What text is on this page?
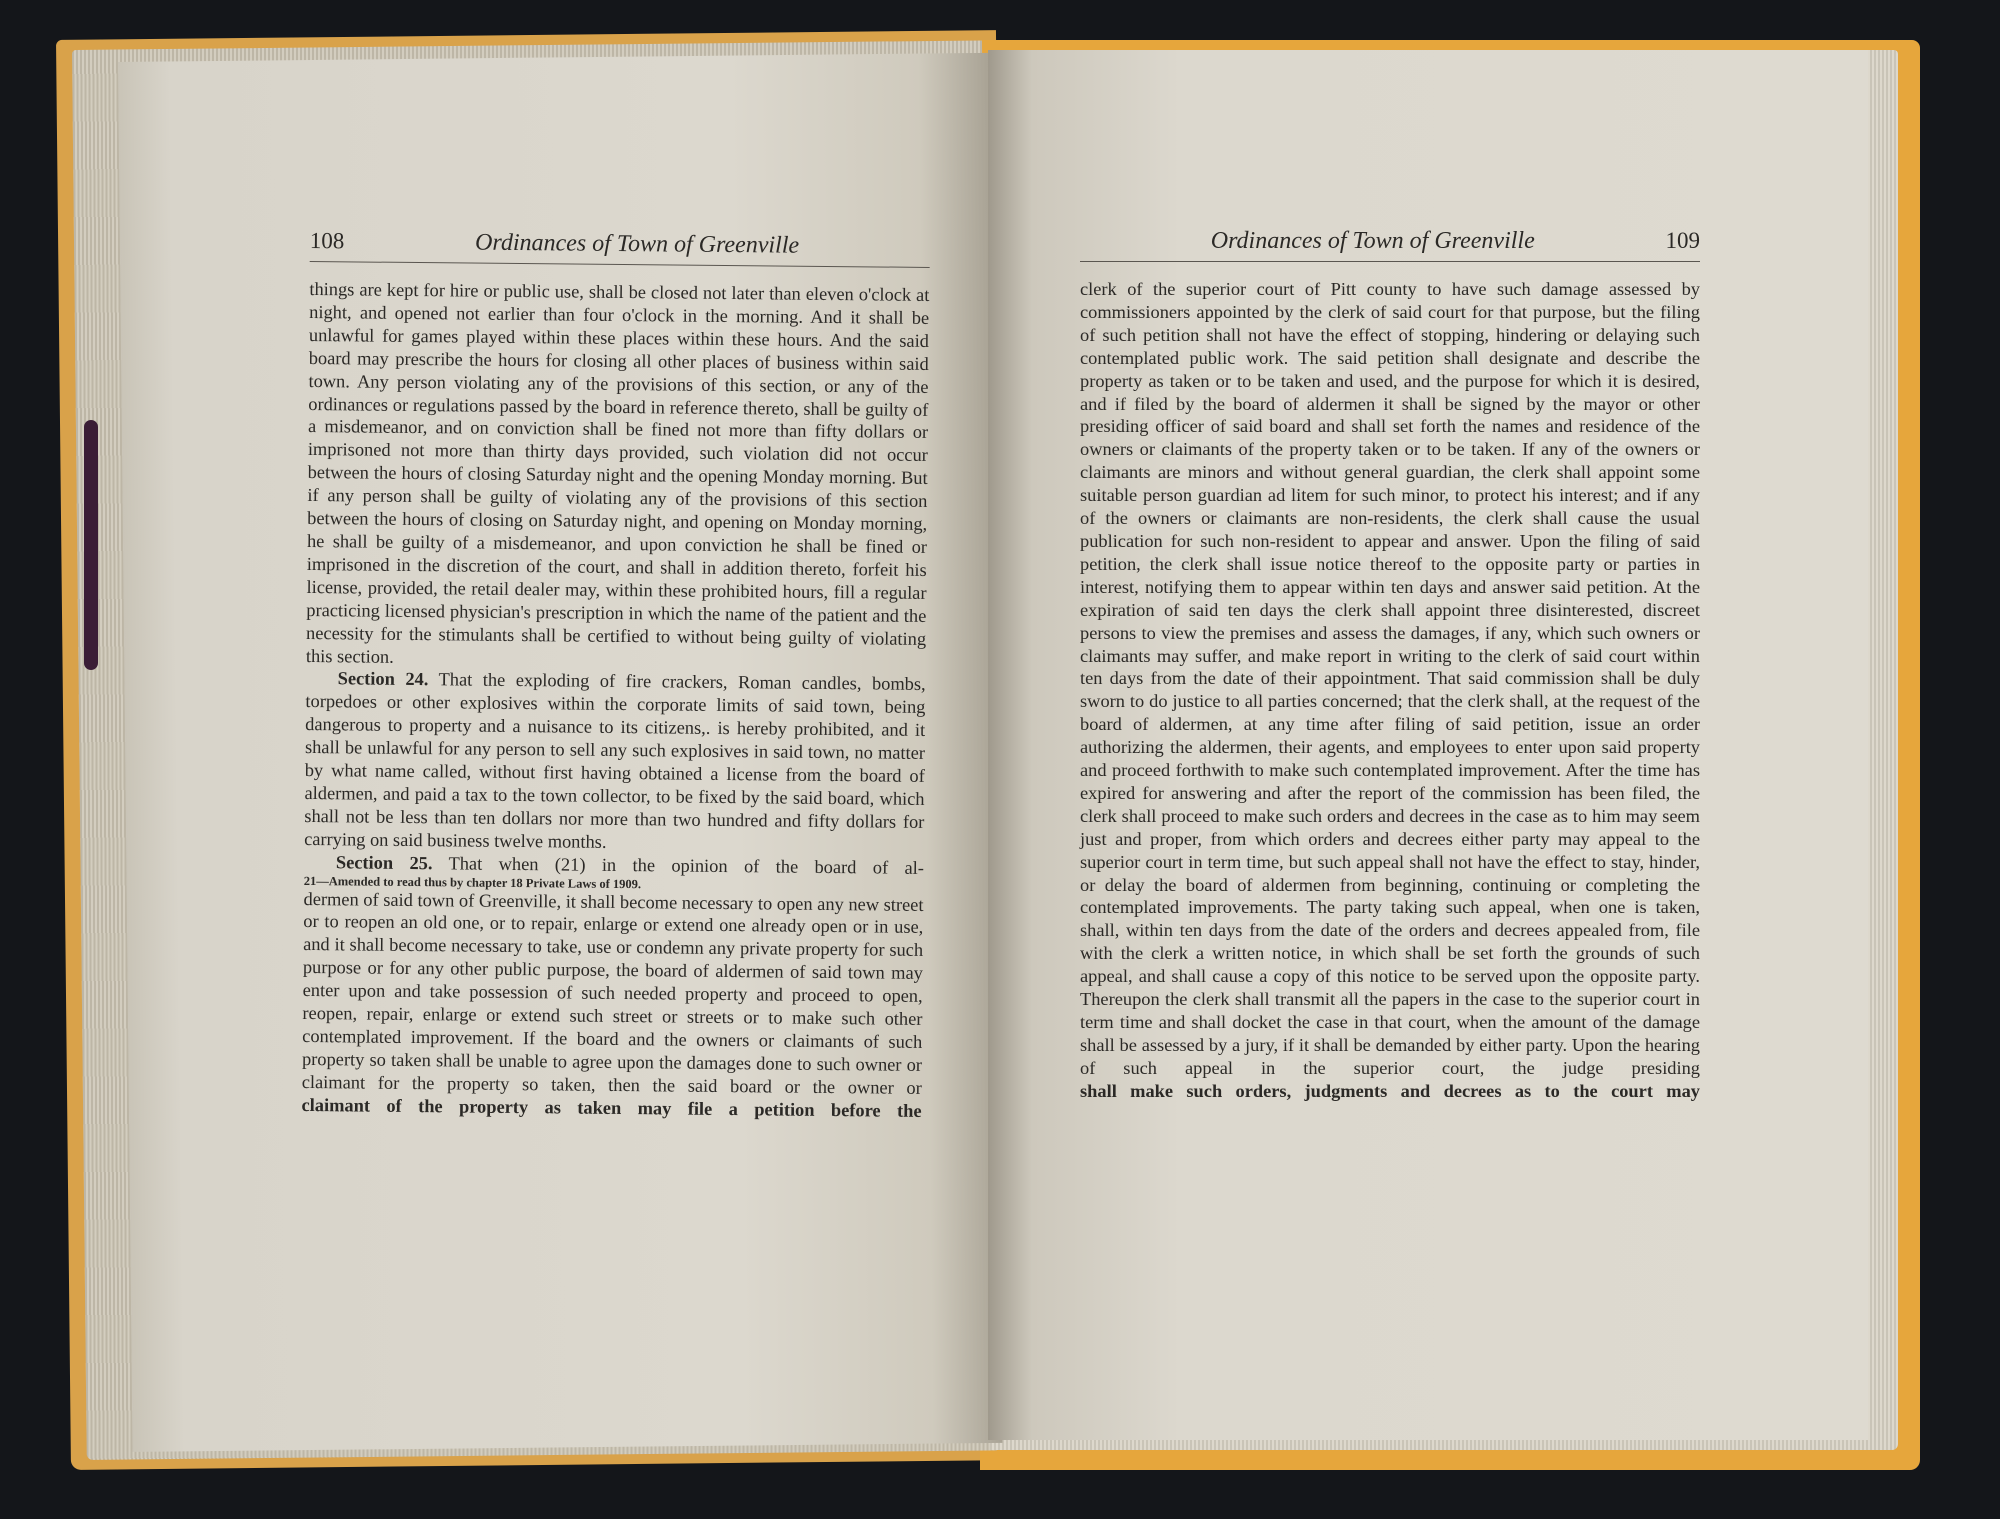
108	Ordinances of Town of Greenville

things are kept for hire or public use, shall be closed not later than eleven o'clock at night, and opened not earlier than four o'clock in the morning. And it shall be unlawful for games played within these places within these hours. And the said board may prescribe the hours for closing all other places of business within said town. Any person violating any of the provisions of this section, or any of the ordinances or regulations passed by the board in reference thereto, shall be guilty of a misdemeanor, and on conviction shall be fined not more than fifty dollars or imprisoned not more than thirty days provided, such violation did not occur between the hours of closing Saturday night and the opening Monday morning. But if any person shall be guilty of violating any of the provisions of this section between the hours of closing on Saturday night, and opening on Monday morning, he shall be guilty of a misdemeanor, and upon conviction he shall be fined or imprisoned in the discretion of the court, and shall in addition thereto, forfeit his license, provided, the retail dealer may, within these prohibited hours, fill a regular practicing licensed physician's prescription in which the name of the patient and the necessity for the stimulants shall be certified to without being guilty of violating this section.

Section 24. That the exploding of fire crackers, Roman candles, bombs, torpedoes or other explosives within the corporate limits of said town, being dangerous to property and a nuisance to its citizens,. is hereby prohibited, and it shall be unlawful for any person to sell any such explosives in said town, no matter by what name called, without first having obtained a license from the board of aldermen, and paid a tax to the town collector, to be fixed by the said board, which shall not be less than ten dollars nor more than two hundred and fifty dollars for carrying on said business twelve months.

Section 25. That when (21) in the opinion of the board of al-

21—Amended to read thus by chapter 18 Private Laws of 1909.

dermen of said town of Greenville, it shall become necessary to open any new street or to reopen an old one, or to repair, enlarge or extend one already open or in use, and it shall become necessary to take, use or condemn any private property for such purpose or for any other public purpose, the board of aldermen of said town may enter upon and take possession of such needed property and proceed to open, reopen, repair, enlarge or extend such street or streets or to make such other contemplated improvement. If the board and the owners or claimants of such property so taken shall be unable to agree upon the damages done to such owner or claimant for the property so taken, then the said board or the owner or

claimant of the property as taken may file a petition before the

Ordinances of Town of Greenville	109

clerk of the superior court of Pitt county to have such damage assessed by commissioners appointed by the clerk of said court for that purpose, but the filing of such petition shall not have the effect of stopping, hindering or delaying such contemplated public work. The said petition shall designate and describe the property as taken or to be taken and used, and the purpose for which it is desired, and if filed by the board of aldermen it shall be signed by the mayor or other presiding officer of said board and shall set forth the names and residence of the owners or claimants of the property taken or to be taken. If any of the owners or claimants are minors and without general guardian, the clerk shall appoint some suitable person guardian ad litem for such minor, to protect his interest; and if any of the owners or claimants are non-residents, the clerk shall cause the usual publication for such non-resident to appear and answer. Upon the filing of said petition, the clerk shall issue notice thereof to the opposite party or parties in interest, notifying them to appear within ten days and answer said petition. At the expiration of said ten days the clerk shall appoint three disinterested, discreet persons to view the premises and assess the damages, if any, which such owners or claimants may suffer, and make report in writing to the clerk of said court within ten days from the date of their appointment. That said commission shall be duly sworn to do justice to all parties concerned; that the clerk shall, at the request of the board of aldermen, at any time after filing of said petition, issue an order authorizing the aldermen, their agents, and employees to enter upon said property and proceed forthwith to make such contemplated improvement. After the time has expired for answering and after the report of the commission has been filed, the clerk shall proceed to make such orders and decrees in the case as to him may seem just and proper, from which orders and decrees either party may appeal to the superior court in term time, but such appeal shall not have the effect to stay, hinder, or delay the board of aldermen from beginning, continuing or completing the contemplated improvements. The party taking such appeal, when one is taken, shall, within ten days from the date of the orders and decrees appealed from, file with the clerk a written notice, in which shall be set forth the grounds of such appeal, and shall cause a copy of this notice to be served upon the opposite party. Thereupon the clerk shall transmit all the papers in the case to the superior court in term time and shall docket the case in that court, when the amount of the damage shall be assessed by a jury, if it shall be demanded by either party. Upon the hearing of such appeal in the superior court, the judge presiding

shall make such orders, judgments and decrees as to the court may
